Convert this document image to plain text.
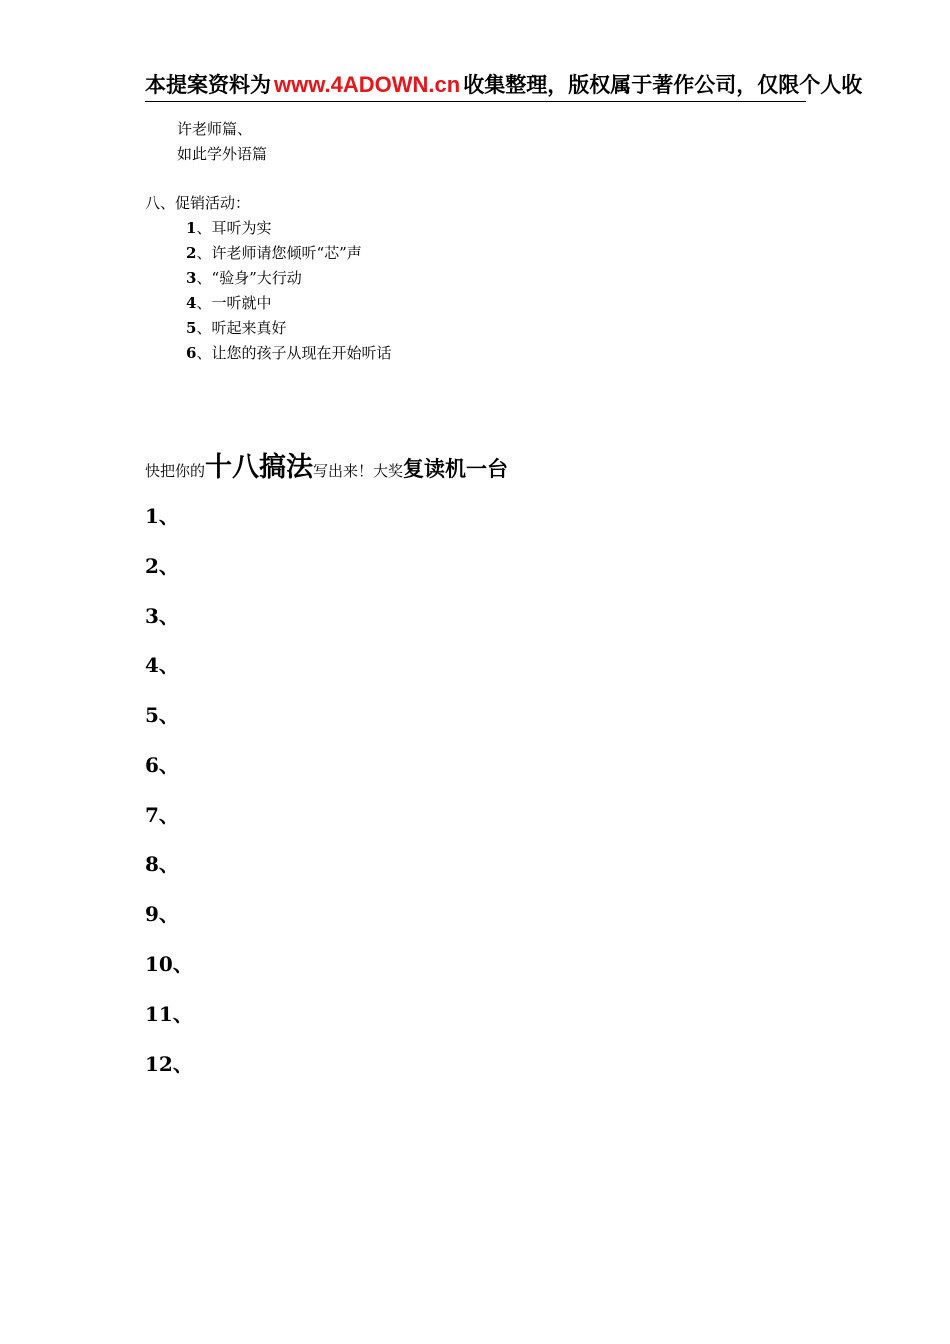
本提案资料为 www.4ADOWN.cn 收集整理，版权属于著作公司，仅限个人收
许老师篇、
如此学外语篇
八、促销活动：
1、耳听为实
2、许老师请您倾听“芯”声
3、“验身”大行动
4、一听就中
5、听起来真好
6、让您的孩子从现在开始听话
快把你的十八搞法写出来！大奖复读机一台
1、
2、
3、
4、
5、
6、
7、
8、
9、
10、
11、
12、
